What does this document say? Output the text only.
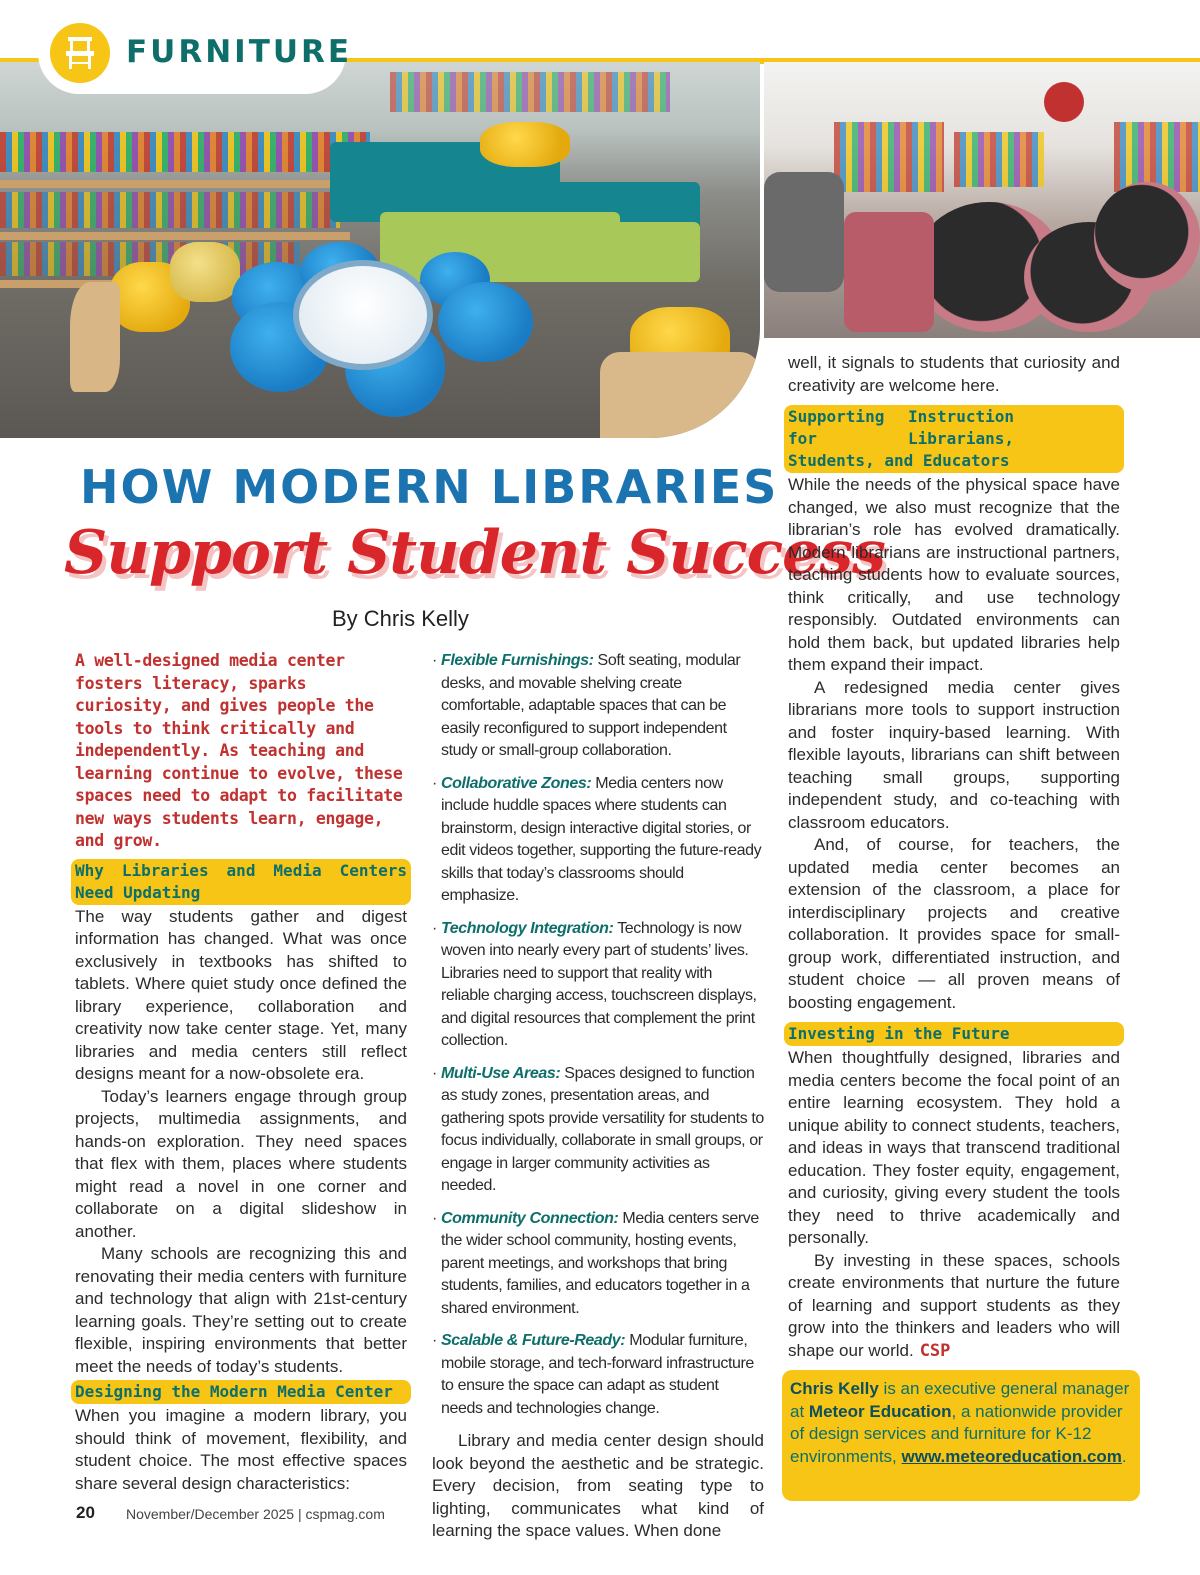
FURNITURE
HOW MODERN LIBRARIES
Support Student Success
By Chris Kelly

A well-designed media center fosters literacy, sparks curiosity, and gives people the tools to think critically and independently. As teaching and learning continue to evolve, these spaces need to adapt to facilitate new ways students learn, engage, and grow.

Why Libraries and Media Centers Need Updating

The way students gather and digest information has changed. What was once exclusively in textbooks has shifted to tablets. Where quiet study once defined the library experience, collaboration and creativity now take center stage. Yet, many libraries and media centers still reflect designs meant for a now-obsolete era.

Today’s learners engage through group projects, multimedia assignments, and hands-on exploration. They need spaces that flex with them, places where students might read a novel in one corner and collaborate on a digital slideshow in another.

Many schools are recognizing this and renovating their media centers with furniture and technology that align with 21st-century learning goals. They’re setting out to create flexible, inspiring environments that better meet the needs of today’s students.

Designing the Modern Media Center

When you imagine a modern library, you should think of movement, flexibility, and student choice. The most effective spaces share several design characteristics:

· Flexible Furnishings: Soft seating, modular desks, and movable shelving create comfortable, adaptable spaces that can be easily reconfigured to support independent study or small-group collaboration.
· Collaborative Zones: Media centers now include huddle spaces where students can brainstorm, design interactive digital stories, or edit videos together, supporting the future-ready skills that today’s classrooms should emphasize.
· Technology Integration: Technology is now woven into nearly every part of students’ lives. Libraries need to support that reality with reliable charging access, touchscreen displays, and digital resources that complement the print collection.
· Multi-Use Areas: Spaces designed to function as study zones, presentation areas, and gathering spots provide versatility for students to focus individually, collaborate in small groups, or engage in larger community activities as needed.
· Community Connection: Media centers serve the wider school community, hosting events, parent meetings, and workshops that bring students, families, and educators together in a shared environment.
· Scalable & Future-Ready: Modular furniture, mobile storage, and tech-forward infrastructure to ensure the space can adapt as student needs and technologies change.

Library and media center design should look beyond the aesthetic and be strategic. Every decision, from seating type to lighting, communicates what kind of learning the space values. When done

well, it signals to students that curiosity and creativity are welcome here.

Supporting Instruction for Librarians, Students, and Educators

While the needs of the physical space have changed, we also must recognize that the librarian’s role has evolved dramatically. Modern librarians are instructional partners, teaching students how to evaluate sources, think critically, and use technology responsibly. Outdated environments can hold them back, but updated libraries help them expand their impact.

A redesigned media center gives librarians more tools to support instruction and foster inquiry-based learning. With flexible layouts, librarians can shift between teaching small groups, supporting independent study, and co-teaching with classroom educators.

And, of course, for teachers, the updated media center becomes an extension of the classroom, a place for interdisciplinary projects and creative collaboration. It provides space for small-group work, differentiated instruction, and student choice — all proven means of boosting engagement.

Investing in the Future

When thoughtfully designed, libraries and media centers become the focal point of an entire learning ecosystem. They hold a unique ability to connect students, teachers, and ideas in ways that transcend traditional education. They foster equity, engagement, and curiosity, giving every student the tools they need to thrive academically and personally.

By investing in these spaces, schools create environments that nurture the future of learning and support students as they grow into the thinkers and leaders who will shape our world. CSP

Chris Kelly is an executive general manager at Meteor Education, a nationwide provider of design services and furniture for K-12 environments, www.meteoreducation.com.
20 November/December 2025 | cspmag.com
